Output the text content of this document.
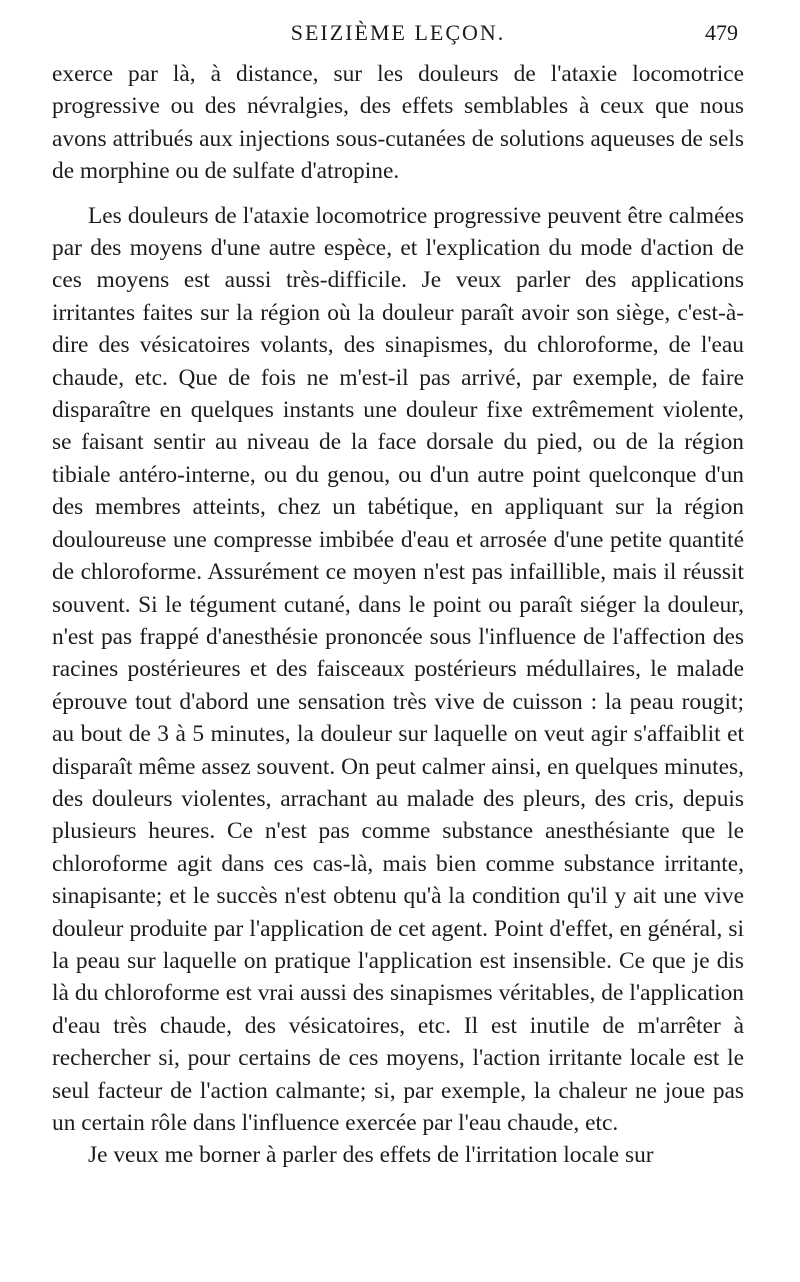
SEIZIÈME LEÇON.	479

exerce par là, à distance, sur les douleurs de l'ataxie locomotrice progressive ou des névralgies, des effets semblables à ceux que nous avons attribués aux injections sous-cutanées de solutions aqueuses de sels de morphine ou de sulfate d'atropine.

Les douleurs de l'ataxie locomotrice progressive peuvent être calmées par des moyens d'une autre espèce, et l'explication du mode d'action de ces moyens est aussi très-difficile. Je veux parler des applications irritantes faites sur la région où la douleur paraît avoir son siège, c'est-à-dire des vésicatoires volants, des sinapismes, du chloroforme, de l'eau chaude, etc. Que de fois ne m'est-il pas arrivé, par exemple, de faire disparaître en quelques instants une douleur fixe extrêmement violente, se faisant sentir au niveau de la face dorsale du pied, ou de la région tibiale antéro-interne, ou du genou, ou d'un autre point quelconque d'un des membres atteints, chez un tabétique, en appliquant sur la région douloureuse une compresse imbibée d'eau et arrosée d'une petite quantité de chloroforme. Assurément ce moyen n'est pas infaillible, mais il réussit souvent. Si le tégument cutané, dans le point ou paraît siéger la douleur, n'est pas frappé d'anesthésie prononcée sous l'influence de l'affection des racines postérieures et des faisceaux postérieurs médullaires, le malade éprouve tout d'abord une sensation très vive de cuisson : la peau rougit; au bout de 3 à 5 minutes, la douleur sur laquelle on veut agir s'affaiblit et disparaît même assez souvent. On peut calmer ainsi, en quelques minutes, des douleurs violentes, arrachant au malade des pleurs, des cris, depuis plusieurs heures. Ce n'est pas comme substance anesthésiante que le chloroforme agit dans ces cas-là, mais bien comme substance irritante, sinapisante; et le succès n'est obtenu qu'à la condition qu'il y ait une vive douleur produite par l'application de cet agent. Point d'effet, en général, si la peau sur laquelle on pratique l'application est insensible. Ce que je dis là du chloroforme est vrai aussi des sinapismes véritables, de l'application d'eau très chaude, des vésicatoires, etc. Il est inutile de m'arrêter à rechercher si, pour certains de ces moyens, l'action irritante locale est le seul facteur de l'action calmante; si, par exemple, la chaleur ne joue pas un certain rôle dans l'influence exercée par l'eau chaude, etc.

Je veux me borner à parler des effets de l'irritation locale sur
